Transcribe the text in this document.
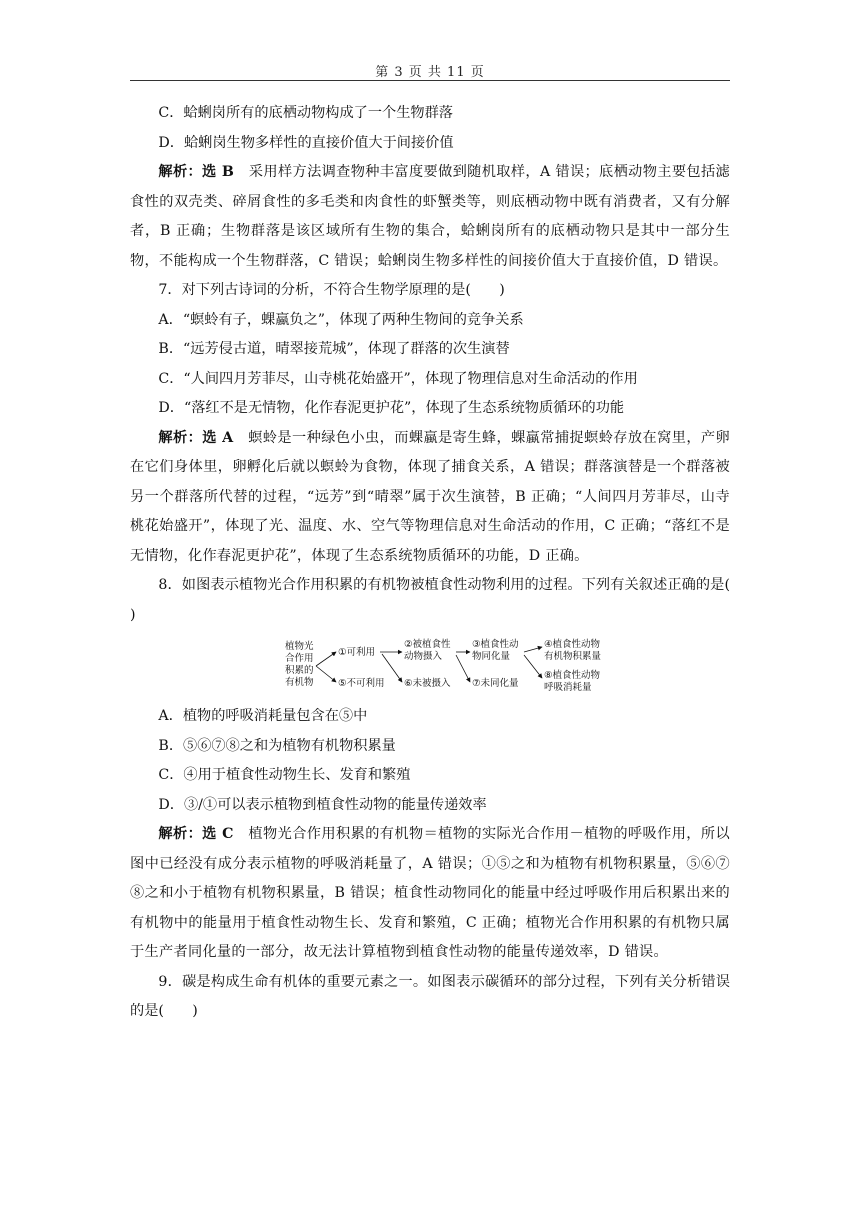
第 3 页 共 11 页

C．蛤蜊岗所有的底栖动物构成了一个生物群落

D．蛤蜊岗生物多样性的直接价值大于间接价值

解析：选 B　采用样方法调查物种丰富度要做到随机取样，A 错误；底栖动物主要包括滤食性的双壳类、碎屑食性的多毛类和肉食性的虾蟹类等，则底栖动物中既有消费者，又有分解者，B 正确；生物群落是该区域所有生物的集合，蛤蜊岗所有的底栖动物只是其中一部分生物，不能构成一个生物群落，C 错误；蛤蜊岗生物多样性的间接价值大于直接价值，D 错误。

7．对下列古诗词的分析，不符合生物学原理的是(　　)

A．“螟蛉有子，蜾蠃负之”，体现了两种生物间的竞争关系

B．“远芳侵古道，晴翠接荒城”，体现了群落的次生演替

C．“人间四月芳菲尽，山寺桃花始盛开”，体现了物理信息对生命活动的作用

D．“落红不是无情物，化作春泥更护花”，体现了生态系统物质循环的功能

解析：选 A　螟蛉是一种绿色小虫，而蜾蠃是寄生蜂，蜾蠃常捕捉螟蛉存放在窝里，产卵在它们身体里，卵孵化后就以螟蛉为食物，体现了捕食关系，A 错误；群落演替是一个群落被另一个群落所代替的过程，“远芳”到“晴翠”属于次生演替，B 正确；“人间四月芳菲尽，山寺桃花始盛开”，体现了光、温度、水、空气等物理信息对生命活动的作用，C 正确；“落红不是无情物，化作春泥更护花”，体现了生态系统物质循环的功能，D 正确。

8．如图表示植物光合作用积累的有机物被植食性动物利用的过程。下列有关叙述正确的是(　　)

植物光合作用积累的有机物
①可利用
⑤不可利用
②被植食性动物摄入
⑥未被摄入
③植食性动物同化量
⑦未同化量
④植食性动物有机物积累量
⑧植食性动物呼吸消耗量

A．植物的呼吸消耗量包含在⑤中

B．⑤⑥⑦⑧之和为植物有机物积累量

C．④用于植食性动物生长、发育和繁殖

D．③/①可以表示植物到植食性动物的能量传递效率

解析：选 C　植物光合作用积累的有机物＝植物的实际光合作用－植物的呼吸作用，所以图中已经没有成分表示植物的呼吸消耗量了，A 错误；①⑤之和为植物有机物积累量，⑤⑥⑦⑧之和小于植物有机物积累量，B 错误；植食性动物同化的能量中经过呼吸作用后积累出来的有机物中的能量用于植食性动物生长、发育和繁殖，C 正确；植物光合作用积累的有机物只属于生产者同化量的一部分，故无法计算植物到植食性动物的能量传递效率，D 错误。

9．碳是构成生命有机体的重要元素之一。如图表示碳循环的部分过程，下列有关分析错误的是(　　)
